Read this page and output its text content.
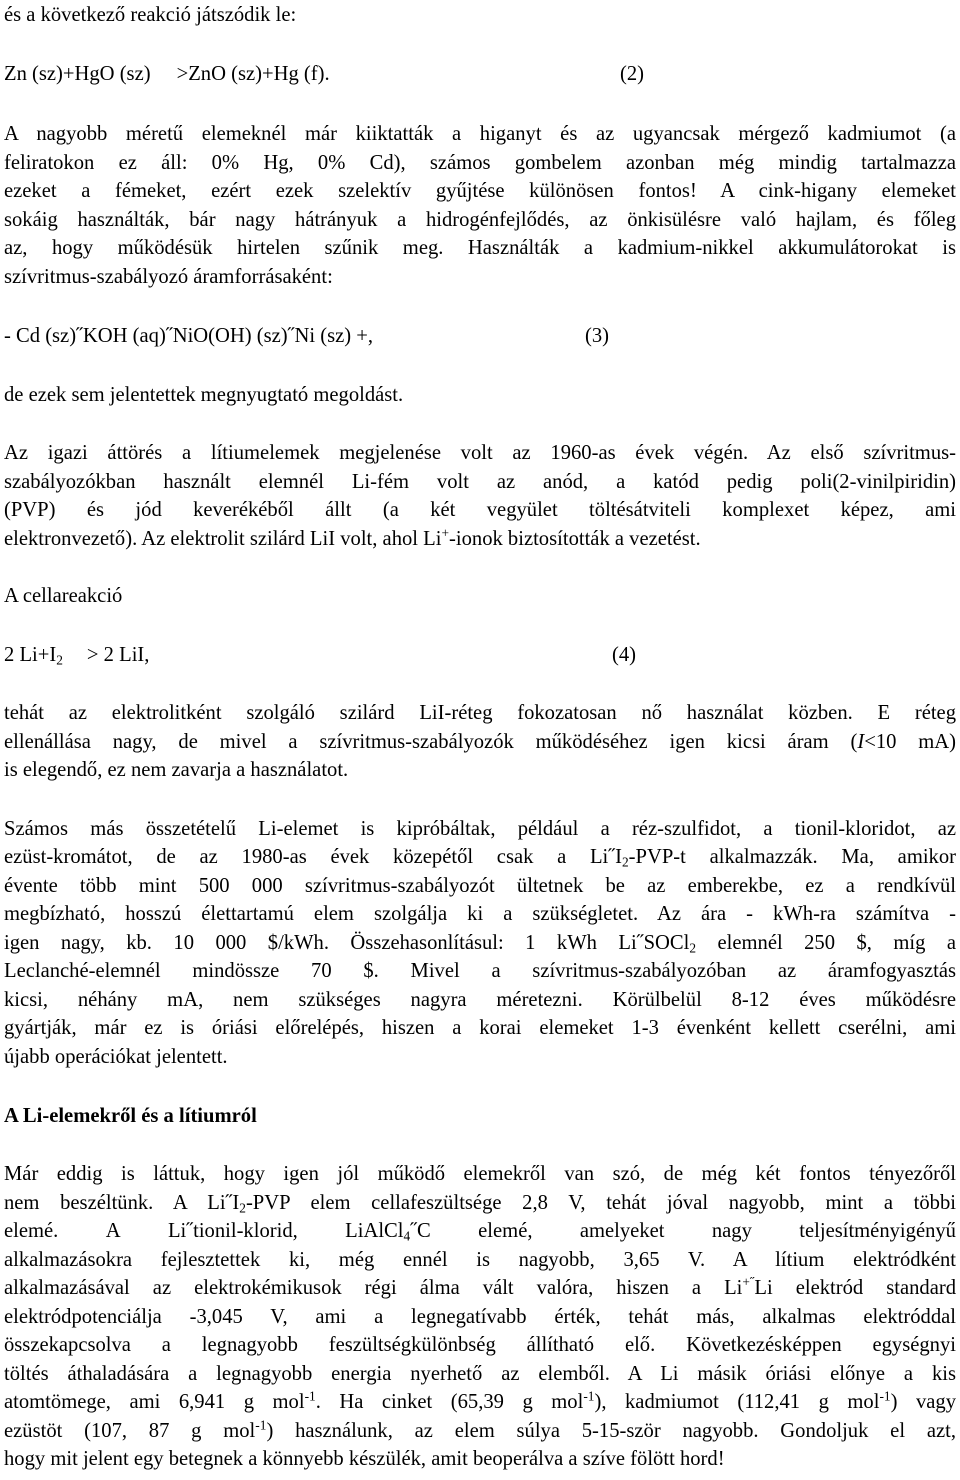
és a következő reakció játszódik le:
Zn (sz)+HgO (sz) >ZnO (sz)+Hg (f).	(2)
A nagyobb méretű elemeknél már kiiktatták a higanyt és az ugyancsak mérgező kadmiumot (a
feliratokon ez áll: 0% Hg, 0% Cd), számos gombelem azonban még mindig tartalmazza
ezeket a fémeket, ezért ezek szelektív gyűjtése különösen fontos! A cink-higany elemeket
sokáig használták, bár nagy hátrányuk a hidrogénfejlődés, az önkisülésre való hajlam, és főleg
az, hogy működésük hirtelen szűnik meg. Használták a kadmium-nikkel akkumulátorokat is
szívritmus-szabályozó áramforrásaként:
- Cd (sz)˝KOH (aq)˝NiO(OH) (sz)˝Ni (sz) +,	(3)
de ezek sem jelentettek megnyugtató megoldást.
Az igazi áttörés a lítiumelemek megjelenése volt az 1960-as évek végén. Az első szívritmus-
szabályozókban használt elemnél Li-fém volt az anód, a katód pedig poli(2-vinilpiridin)
(PVP) és jód keverékéből állt (a két vegyület töltésátviteli komplexet képez, ami
elektronvezető). Az elektrolit szilárd LiI volt, ahol Li+-ionok biztosították a vezetést.
A cellareakció
2 $Li+I_2 > 2$ LiI,	(4)
tehát az elektrolitként szolgáló szilárd LiI-réteg fokozatosan nő használat közben. E réteg
ellenállása nagy, de mivel a szívritmus-szabályozók működéséhez igen kicsi áram (I<10 mA)
is elegendő, ez nem zavarja a használatot.
Számos más összetételű Li-elemet is kipróbáltak, például a réz-szulfidot, a tionil-kloridot, az
ezüst-kromátot, de az 1980-as évek közepétől csak a $Li˝I_2-PVP-t$ alkalmazzák. Ma, amikor
évente több mint 500 000 szívritmus-szabályozót ültetnek be az emberekbe, ez a rendkívül
megbízható, hosszú élettartamú elem szolgálja ki a szükségletet. Az ára - kWh-ra számítva -
igen nagy, kb. 10 000 $/kWh. Összehasonlításul: 1 kWh Li˝SOCl$_2$ elemnél 250 $, míg a
Leclanché-elemnél mindössze 70 $. Mivel a szívritmus-szabályozóban az áramfogyasztás
kicsi, néhány mA, nem szükséges nagyra méretezni. Körülbelül 8-12 éves működésre
gyártják, már ez is óriási előrelépés, hiszen a korai elemeket 1-3 évenként kellett cserélni, ami
újabb operációkat jelentett.
A Li-elemekről és a lítiumról
Már eddig is láttuk, hogy igen jól működő elemekről van szó, de még két fontos tényezőről
nem beszéltünk. A $Li˝I_2$-PVP elem cellafeszültsége 2,8 V, tehát jóval nagyobb, mint a többi
elemé. A Li˝tionil-klorid, LiAlCl$_4$˝C elemé, amelyeket nagy teljesítményigényű
alkalmazásokra fejlesztettek ki, még ennél is nagyobb, 3,65 V. A lítium elektródként
alkalmazásával az elektrokémikusok régi álma vált valóra, hiszen a Li+˝Li elektród standard
elektródpotenciálja -3,045 V, ami a legnegatívabb érték, tehát más, alkalmas elektróddal
összekapcsolva a legnagyobb feszültségkülönbség állítható elő. Következésképpen egységnyi
töltés áthaladására a legnagyobb energia nyerhető az elemből. A Li másik óriási előnye a kis
atomtömege, ami 6,941 g mol$^{-1}$. Ha cinket (65,39 g mol$^{-1}$), kadmiumot (112,41 g mol$^{-1}$) vagy
ezüstöt (107, 87 g mol$^{-1}$) használunk, az elem súlya 5-15-ször nagyobb. Gondoljuk el azt,
hogy mit jelent egy betegnek a könnyebb készülék, amit beoperálva a szíve fölött hord!
